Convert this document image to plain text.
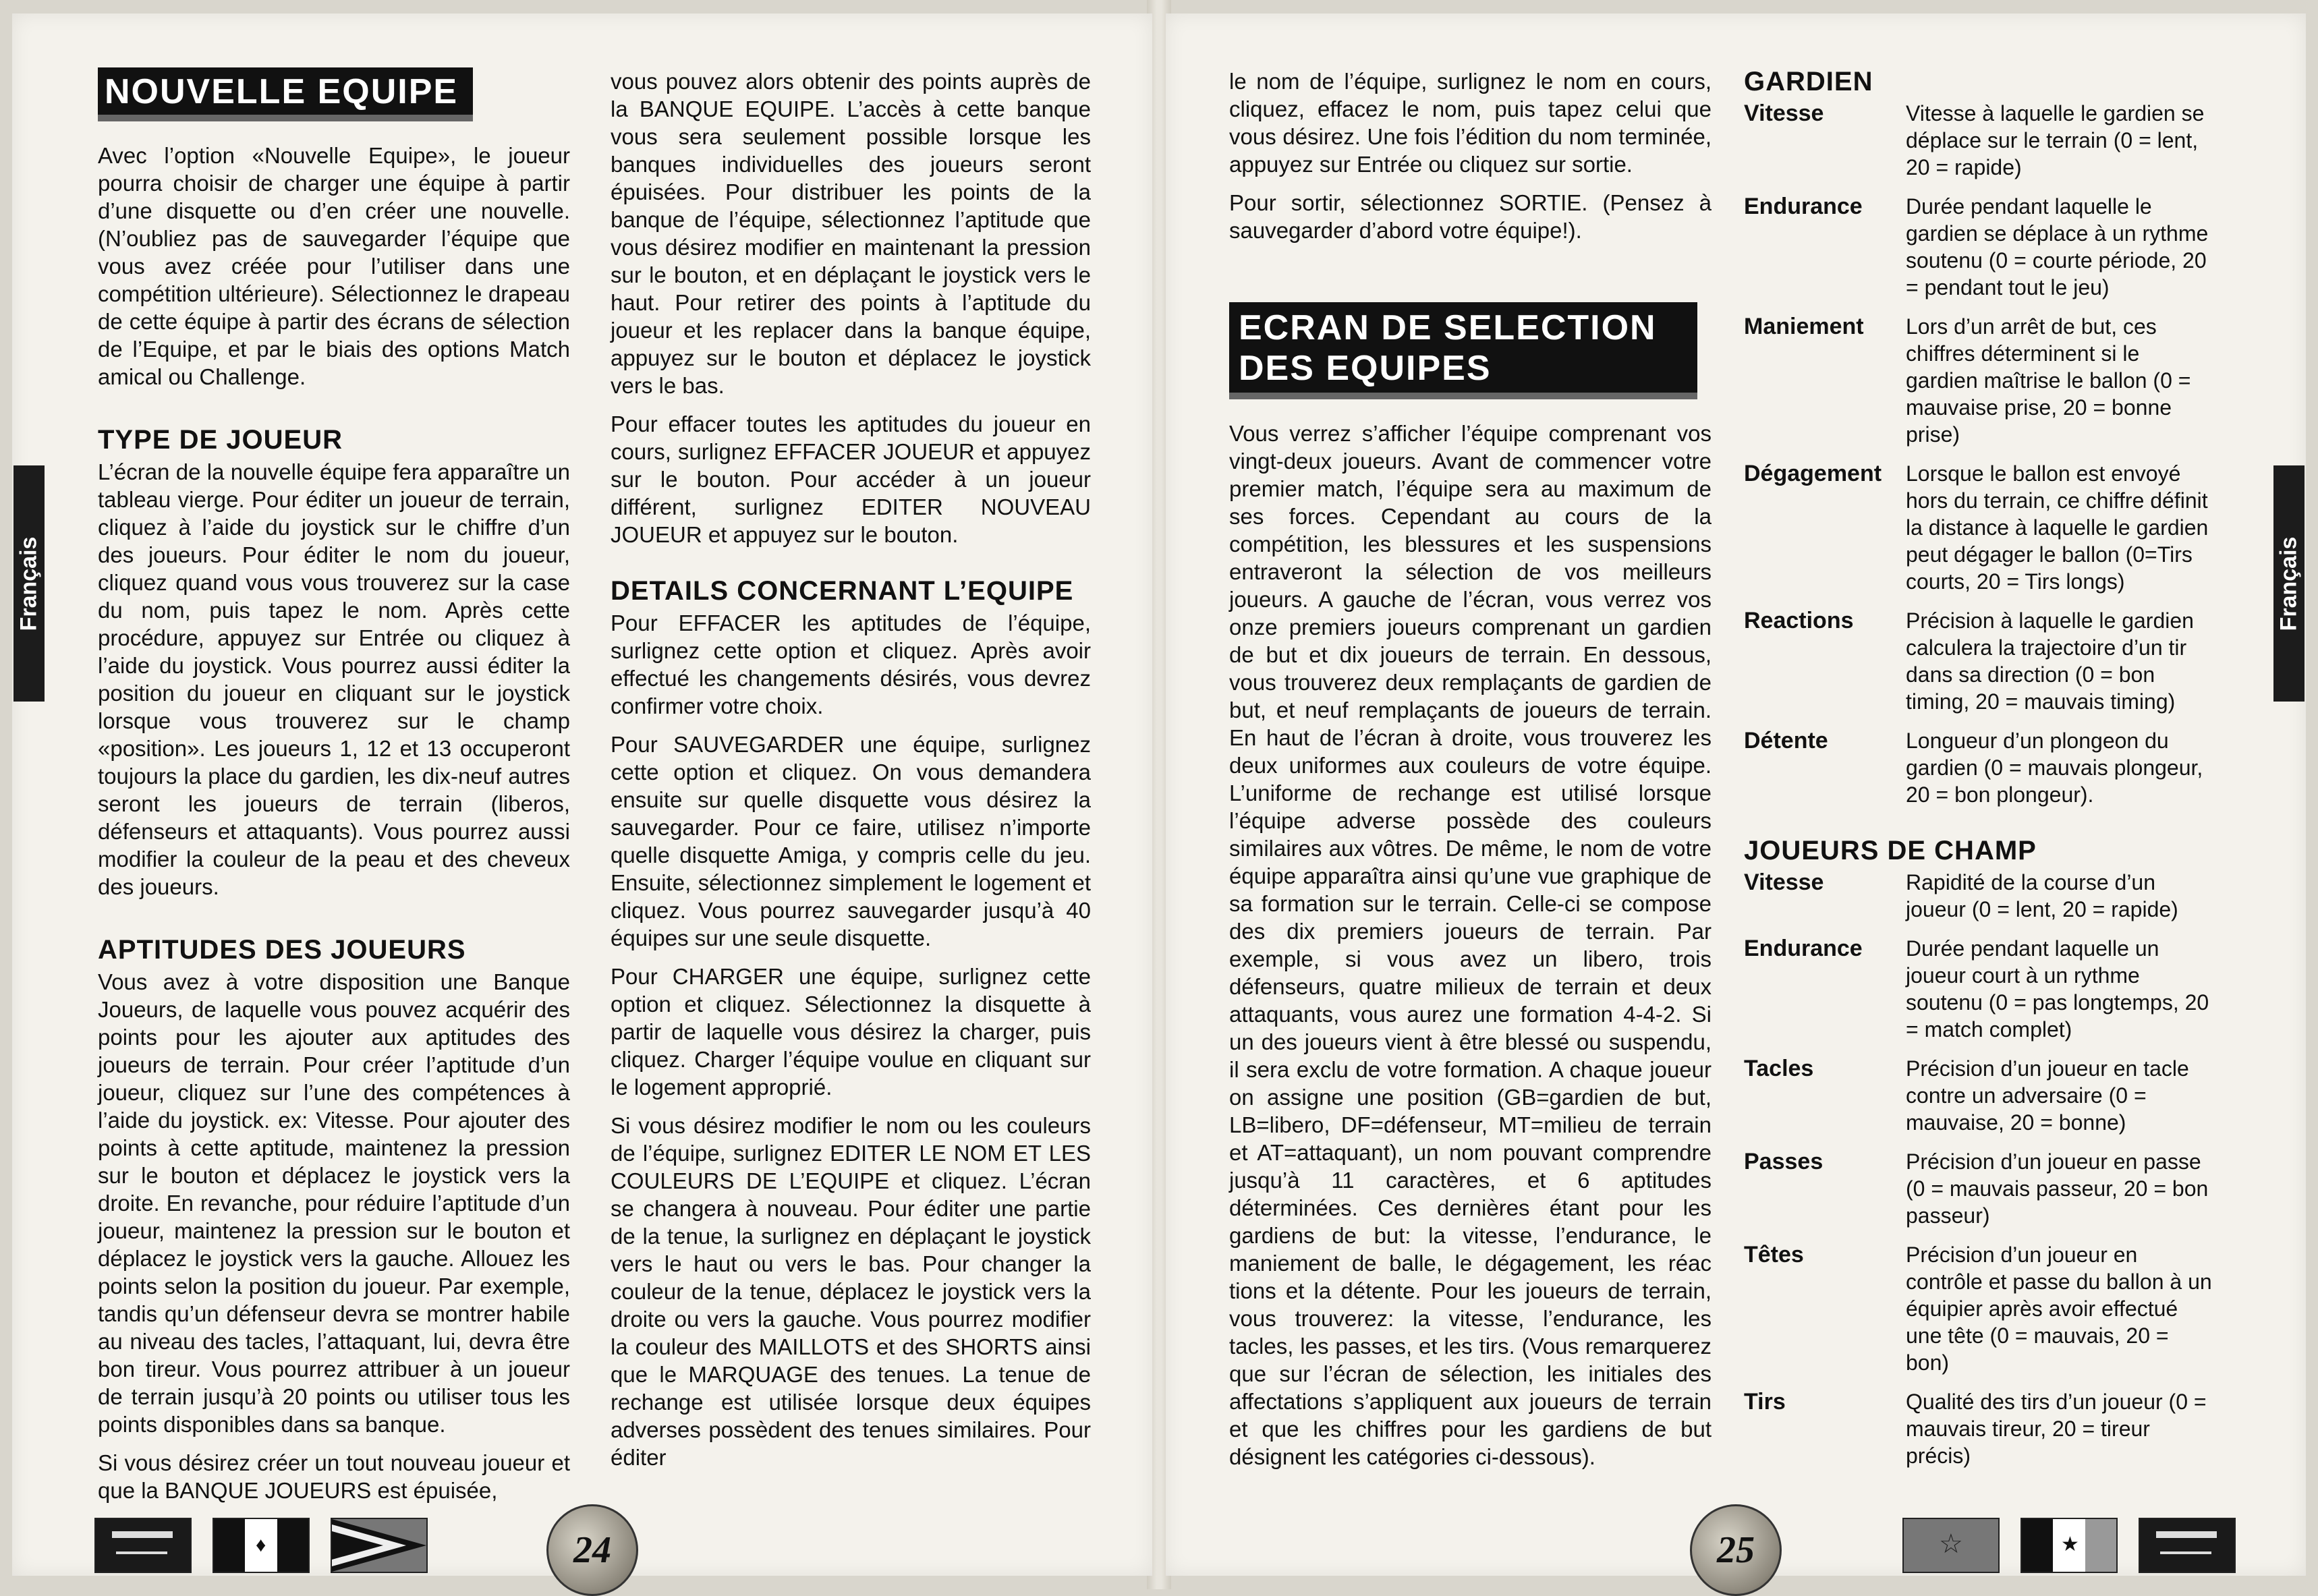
Français
NOUVELLE EQUIPE

Avec l’option «Nouvelle Equipe», le joueur pourra choisir de charger une équipe à partir d’une disquette ou d’en créer une nouvelle. (N’oubliez pas de sauvegarder l’équipe que vous avez créée pour l’utiliser dans une compétition ultérieure). Sélectionnez le drapeau de cette équipe à partir des écrans de sélection de l’Equipe, et par le biais des options Match amical ou Challenge.

TYPE DE JOUEUR

L’écran de la nouvelle équipe fera apparaître un tableau vierge. Pour éditer un joueur de terrain, cliquez à l’aide du joystick sur le chiffre d’un des joueurs. Pour éditer le nom du joueur, cliquez quand vous vous trouverez sur la case du nom, puis tapez le nom. Après cette procédure, appuyez sur Entrée ou cliquez à l’aide du joystick. Vous pourrez aussi éditer la position du joueur en cliquant sur le joystick lorsque vous trouverez sur le champ «position». Les joueurs 1, 12 et 13 occuperont toujours la place du gardien, les dix-neuf autres seront les joueurs de terrain (liberos, défenseurs et attaquants). Vous pourrez aussi modifier la couleur de la peau et des cheveux des joueurs.

APTITUDES DES JOUEURS

Vous avez à votre disposition une Banque Joueurs, de laquelle vous pouvez acquérir des points pour les ajouter aux aptitudes des joueurs de terrain. Pour créer l’aptitude d’un joueur, cliquez sur l’une des compétences à l’aide du joystick. ex: Vitesse. Pour ajouter des points à cette aptitude, maintenez la pression sur le bouton et déplacez le joystick vers la droite. En revanche, pour réduire l’aptitude d’un joueur, maintenez la pression sur le bouton et déplacez le joystick vers la gauche. Allouez les points selon la position du joueur. Par exemple, tandis qu’un défenseur devra se montrer habile au niveau des tacles, l’attaquant, lui, devra être bon tireur. Vous pourrez attribuer à un joueur de terrain jusqu’à 20 points ou utiliser tous les points disponibles dans sa banque.

Si vous désirez créer un tout nouveau joueur et que la BANQUE JOUEURS est épuisée,

vous pouvez alors obtenir des points auprès de la BANQUE EQUIPE. L’accès à cette banque vous sera seulement possible lorsque les banques individuelles des joueurs seront épuisées. Pour distribuer les points de la banque de l’équipe, sélectionnez l’aptitude que vous désirez modifier en maintenant la pression sur le bouton, et en déplaçant le joystick vers le haut. Pour retirer des points à l’aptitude du joueur et les replacer dans la banque équipe, appuyez sur le bouton et déplacez le joystick vers le bas.

Pour effacer toutes les aptitudes du joueur en cours, surlignez EFFACER JOUEUR et appuyez sur le bouton. Pour accéder à un joueur différent, surlignez EDITER NOUVEAU JOUEUR et appuyez sur le bouton.

DETAILS CONCERNANT L’EQUIPE

Pour EFFACER les aptitudes de l’équipe, surlignez cette option et cliquez. Après avoir effectué les changements désirés, vous devrez confirmer votre choix.

Pour SAUVEGARDER une équipe, surlignez cette option et cliquez. On vous demandera ensuite sur quelle disquette vous désirez la sauvegarder. Pour ce faire, utilisez n’importe quelle disquette Amiga, y compris celle du jeu. Ensuite, sélectionnez simplement le logement et cliquez. Vous pourrez sauvegarder jusqu’à 40 équipes sur une seule disquette.

Pour CHARGER une équipe, surlignez cette option et cliquez. Sélectionnez la disquette à partir de laquelle vous désirez la charger, puis cliquez. Charger l’équipe voulue en cliquant sur le logement approprié.

Si vous désirez modifier le nom ou les couleurs de l’équipe, surlignez EDITER LE NOM ET LES COULEURS DE L’EQUIPE et cliquez. L’écran se changera à nouveau. Pour éditer une partie de la tenue, la surlignez en déplaçant le joystick vers le haut ou vers le bas. Pour changer la couleur de la tenue, déplacez le joystick vers la droite ou vers la gauche. Vous pourrez modifier la couleur des MAILLOTS et des SHORTS ainsi que le MARQUAGE des tenues. La tenue de rechange est utilisée lorsque deux équipes adverses possèdent des tenues similaires. Pour éditer

♦	24
Français

le nom de l’équipe, surlignez le nom en cours, cliquez, effacez le nom, puis tapez celui que vous désirez. Une fois l’édition du nom terminée, appuyez sur Entrée ou cliquez sur sortie.

Pour sortir, sélectionnez SORTIE. (Pensez à sauvegarder d’abord votre équipe!).

ECRAN DE SELECTION
DES EQUIPES

Vous verrez s’afficher l’équipe comprenant vos vingt-deux joueurs. Avant de commencer votre premier match, l’équipe sera au maximum de ses forces. Cependant au cours de la compétition, les blessures et les suspensions entraveront la sélection de vos meilleurs joueurs. A gauche de l’écran, vous verrez vos onze premiers joueurs comprenant un gardien de but et dix joueurs de terrain. En dessous, vous trouverez deux remplaçants de gardien de but, et neuf remplaçants de joueurs de terrain. En haut de l’écran à droite, vous trouverez les deux uniformes aux couleurs de votre équipe. L’uniforme de rechange est utilisé lorsque l’équipe adverse possède des couleurs similaires aux vôtres. De même, le nom de votre équipe apparaîtra ainsi qu’une vue graphique de sa formation sur le terrain. Celle-ci se compose des dix premiers joueurs de terrain. Par exemple, si vous avez un libero, trois défenseurs, quatre milieux de terrain et deux attaquants, vous aurez une formation 4-4-2. Si un des joueurs vient à être blessé ou suspendu, il sera exclu de votre formation. A chaque joueur on assigne une position (GB=gardien de but, LB=libero, DF=défenseur, MT=milieu de terrain et AT=attaquant), un nom pouvant comprendre jusqu’à 11 caractères, et 6 aptitudes déterminées. Ces dernières étant pour les gardiens de but: la vitesse, l’endurance, le maniement de balle, le dégagement, les réac tions et la détente. Pour les joueurs de terrain, vous trouverez: la vitesse, l’endurance, les tacles, les passes, et les tirs. (Vous remarquerez que sur l’écran de sélection, les initiales des affectations s’appliquent aux joueurs de terrain et que les chiffres pour les gardiens de but désignent les catégories ci-dessous).

GARDIEN
Vitesse	Vitesse à laquelle le gardien se déplace sur le terrain (0 = lent, 20 = rapide)
Endurance	Durée pendant laquelle le gardien se déplace à un rythme soutenu (0 = courte période, 20 = pendant tout le jeu)
Maniement	Lors d’un arrêt de but, ces chiffres déterminent si le gardien maîtrise le ballon (0 = mauvaise prise, 20 = bonne prise)
Dégagement	Lorsque le ballon est envoyé hors du terrain, ce chiffre définit la distance à laquelle le gardien peut dégager le ballon (0=Tirs courts, 20 = Tirs longs)
Reactions	Précision à laquelle le gardien calculera la trajectoire d’un tir dans sa direction (0 = bon timing, 20 = mauvais timing)
Détente	Longueur d’un plongeon du gardien (0 = mauvais plongeur, 20 = bon plongeur).
JOUEURS DE CHAMP
Vitesse	Rapidité de la course d’un joueur (0 = lent, 20 = rapide)
Endurance	Durée pendant laquelle un joueur court à un rythme soutenu (0 = pas longtemps, 20 = match complet)
Tacles	Précision d’un joueur en tacle contre un adversaire (0 = mauvaise, 20 = bonne)
Passes	Précision d’un joueur en passe (0 = mauvais passeur, 20 = bon passeur)
Têtes	Précision d’un joueur en contrôle et passe du ballon à un équipier après avoir effectué une tête (0 = mauvais, 20 = bon)
Tirs	Qualité des tirs d’un joueur (0 = mauvais tireur, 20 = tireur précis)
25	☆	★
